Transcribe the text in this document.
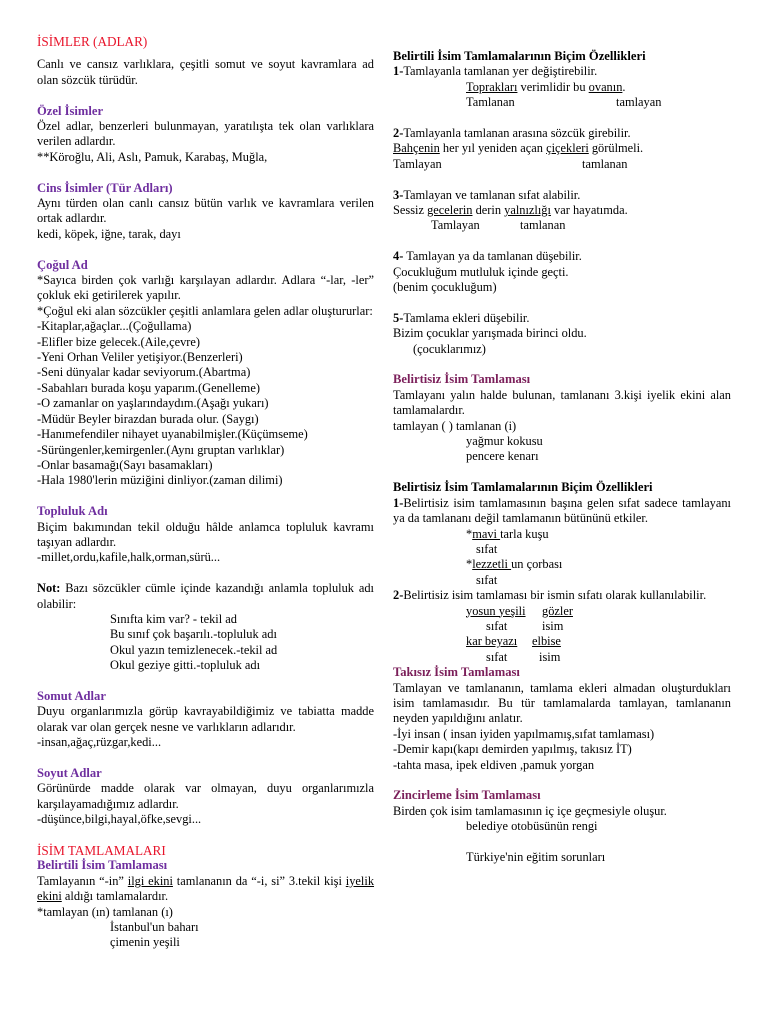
İSİMLER (ADLAR)

Canlı ve cansız varlıklara, çeşitli somut ve soyut kavramlara ad olan sözcük türüdür.

Özel İsimler

Özel adlar, benzerleri bulunmayan, yaratılışta tek olan varlıklara verilen adlardır.

**Köroğlu, Ali, Aslı, Pamuk, Karabaş, Muğla,

Cins İsimler (Tür Adları)

Aynı türden olan canlı cansız bütün varlık ve kavramlara verilen ortak adlardır.

kedi, köpek, iğne, tarak, dayı

Çoğul Ad

*Sayıca birden çok varlığı karşılayan adlardır. Adlara “-lar, -ler” çokluk eki getirilerek yapılır.

*Çoğul eki alan sözcükler çeşitli anlamlara gelen adlar oluştururlar:

-Kitaplar,ağaçlar...(Çoğullama)

-Elifler bize gelecek.(Aile,çevre)

-Yeni Orhan Veliler yetişiyor.(Benzerleri)

-Seni dünyalar kadar seviyorum.(Abartma)

-Sabahları burada koşu yaparım.(Genelleme)

-O zamanlar on yaşlarındaydım.(Aşağı yukarı)

-Müdür Beyler birazdan burada olur. (Saygı)

-Hanımefendiler nihayet uyanabilmişler.(Küçümseme)

-Sürüngenler,kemirgenler.(Aynı gruptan varlıklar)

-Onlar basamağı(Sayı basamakları)

-Hala 1980'lerin müziğini dinliyor.(zaman dilimi)

Topluluk Adı

Biçim bakımından tekil olduğu hâlde anlamca topluluk kavramı taşıyan adlardır.

-millet,ordu,kafile,halk,orman,sürü...

Not: Bazı sözcükler cümle içinde kazandığı anlamla topluluk adı olabilir:

Sınıfta kim var? - tekil ad

Bu sınıf çok başarılı.-topluluk adı

Okul yazın temizlenecek.-tekil ad

Okul geziye gitti.-topluluk adı

Somut Adlar

Duyu organlarımızla görüp kavrayabildiğimiz ve tabiatta madde olarak var olan gerçek nesne ve varlıkların adlarıdır.

-insan,ağaç,rüzgar,kedi...

Soyut Adlar

Görünürde madde olarak var olmayan, duyu organlarımızla karşılayamadığımız adlardır.

-düşünce,bilgi,hayal,öfke,sevgi...

İSİM TAMLAMALARI
Belirtili İsim Tamlaması

Tamlayanın “-in” ilgi ekini tamlananın da “-i, si” 3.tekil kişi iyelik ekini aldığı tamlamalardır.

*tamlayan (ın) tamlanan (ı)

İstanbul'un baharı

çimenin yeşili

Belirtili İsim Tamlamalarının Biçim Özellikleri

1-Tamlayanla tamlanan yer değiştirebilir.

Toprakları verimlidir bu ovanın.

Tamlanan	tamlayan

2-Tamlayanla tamlanan arasına sözcük girebilir.

Bahçenin her yıl yeniden açan çiçekleri görülmeli.

Tamlayan	tamlanan

3-Tamlayan ve tamlanan sıfat alabilir.

Sessiz gecelerin derin yalnızlığı var hayatımda.

Tamlayan	tamlanan

4- Tamlayan ya da tamlanan düşebilir.

Çocukluğum mutluluk içinde geçti.

(benim çocukluğum)

5-Tamlama ekleri düşebilir.

Bizim çocuklar yarışmada birinci oldu.

(çocuklarımız)

Belirtisiz İsim Tamlaması

Tamlayanı yalın halde bulunan, tamlananı 3.kişi iyelik ekini alan tamlamalardır.

tamlayan ( ) tamlanan (i)

yağmur kokusu

pencere kenarı

Belirtisiz İsim Tamlamalarının Biçim Özellikleri

1-Belirtisiz isim tamlamasının başına gelen sıfat sadece tamlayanı ya da tamlananı değil tamlamanın bütününü etkiler.

*mavi tarla kuşu

sıfat

*lezzetli un çorbası

sıfat

2-Belirtisiz isim tamlaması bir ismin sıfatı olarak kullanılabilir.

yosun yeşili gözler

sıfat	isim

kar beyazı elbise

sıfat	isim

Takısız İsim Tamlaması

Tamlayan ve tamlananın, tamlama ekleri almadan oluşturdukları isim tamlamasıdır. Bu tür tamlamalarda tamlayan, tamlananın neyden yapıldığını anlatır.

-İyi insan ( insan iyiden yapılmamış,sıfat tamlaması)

-Demir kapı(kapı demirden yapılmış, takısız İT)

-tahta masa, ipek eldiven ,pamuk yorgan

Zincirleme İsim Tamlaması

Birden çok isim tamlamasının iç içe geçmesiyle oluşur.

belediye otobüsünün rengi

Türkiye'nin eğitim sorunları
